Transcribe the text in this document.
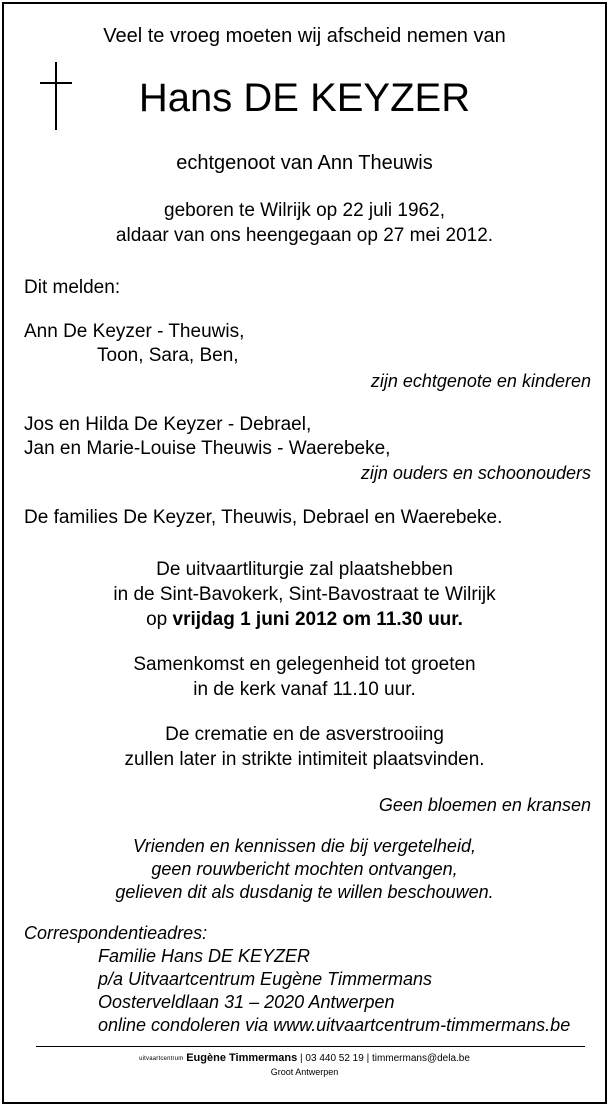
Veel te vroeg moeten wij afscheid nemen van
Hans DE KEYZER
echtgenoot van Ann Theuwis
geboren te Wilrijk op 22 juli 1962,
aldaar van ons heengegaan op 27 mei 2012.
Dit melden:
Ann De Keyzer - Theuwis,
Toon, Sara, Ben,
zijn echtgenote en kinderen
Jos en Hilda De Keyzer - Debrael,
Jan en Marie-Louise Theuwis - Waerebeke,
zijn ouders en schoonouders
De families De Keyzer, Theuwis, Debrael en Waerebeke.
De uitvaartliturgie zal plaatshebben
in de Sint-Bavokerk, Sint-Bavostraat te Wilrijk
op vrijdag 1 juni 2012 om 11.30 uur.
Samenkomst en gelegenheid tot groeten
in de kerk vanaf 11.10 uur.
De crematie en de asverstrooiing
zullen later in strikte intimiteit plaatsvinden.
Geen bloemen en kransen
Vrienden en kennissen die bij vergetelheid,
geen rouwbericht mochten ontvangen,
gelieven dit als dusdanig te willen beschouwen.
Correspondentieadres:
Familie Hans DE KEYZER
p/a Uitvaartcentrum Eugène Timmermans
Oosterveldlaan 31 – 2020 Antwerpen
online condoleren via www.uitvaartcentrum-timmermans.be
uitvaartcentrum Eugène Timmermans | 03 440 52 19 | timmermans@dela.be
Groot Antwerpen
